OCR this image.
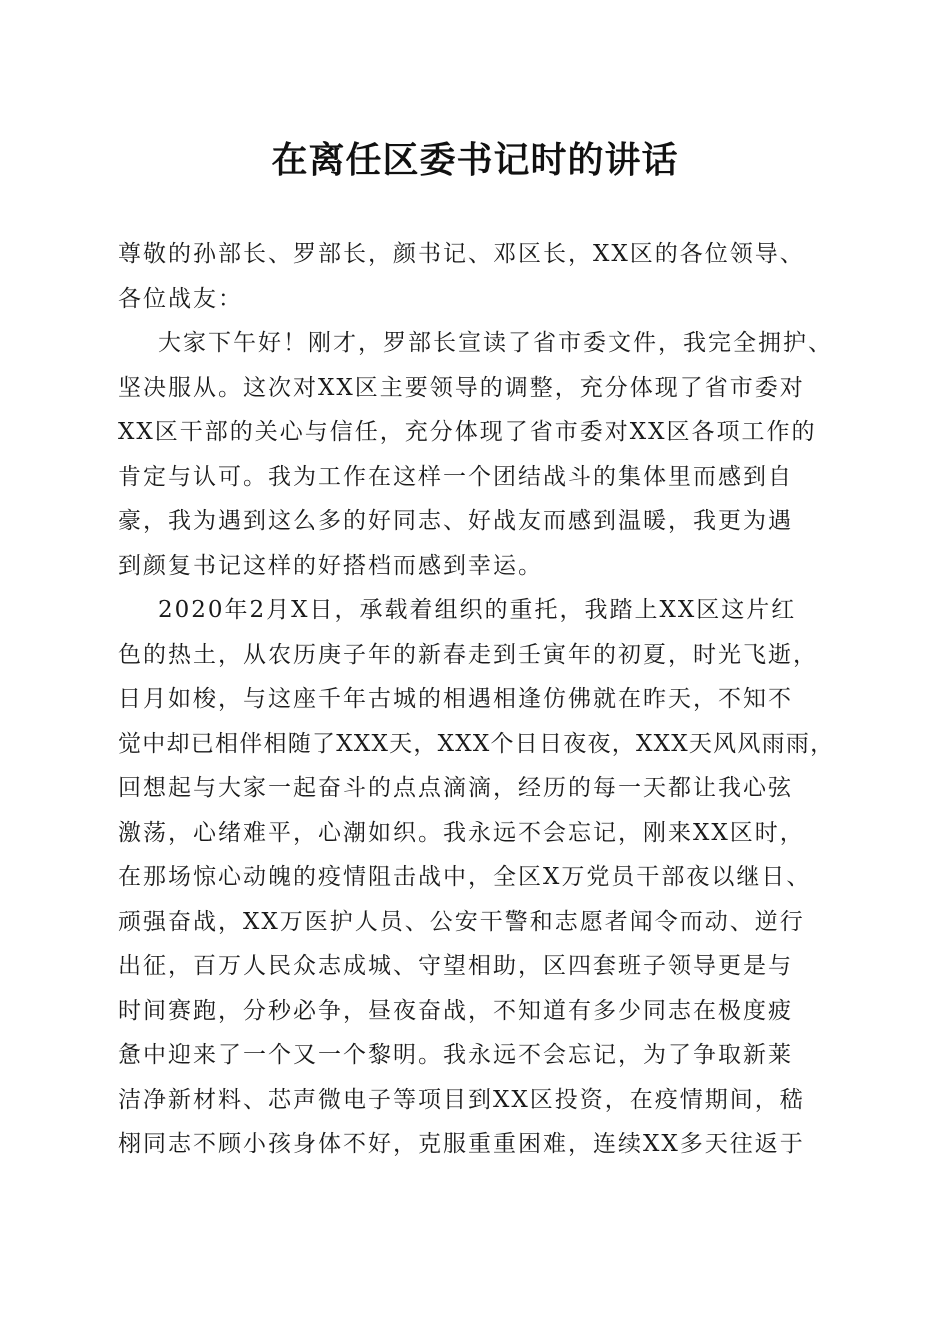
在离任区委书记时的讲话
尊敬的孙部长、罗部长，颜书记、邓区长，XX区的各位领导、
各位战友：
大家下午好！刚才，罗部长宣读了省市委文件，我完全拥护、
坚决服从。这次对XX区主要领导的调整，充分体现了省市委对
XX区干部的关心与信任，充分体现了省市委对XX区各项工作的
肯定与认可。我为工作在这样一个团结战斗的集体里而感到自
豪，我为遇到这么多的好同志、好战友而感到温暖，我更为遇
到颜复书记这样的好搭档而感到幸运。
2020年2月X日，承载着组织的重托，我踏上XX区这片红
色的热土，从农历庚子年的新春走到壬寅年的初夏，时光飞逝，
日月如梭，与这座千年古城的相遇相逢仿佛就在昨天，不知不
觉中却已相伴相随了XXX天，XXX个日日夜夜，XXX天风风雨雨，
回想起与大家一起奋斗的点点滴滴，经历的每一天都让我心弦
激荡，心绪难平，心潮如织。我永远不会忘记，刚来XX区时，
在那场惊心动魄的疫情阻击战中，全区X万党员干部夜以继日、
顽强奋战，XX万医护人员、公安干警和志愿者闻令而动、逆行
出征，百万人民众志成城、守望相助，区四套班子领导更是与
时间赛跑，分秒必争，昼夜奋战，不知道有多少同志在极度疲
惫中迎来了一个又一个黎明。我永远不会忘记，为了争取新莱
洁净新材料、芯声微电子等项目到XX区投资，在疫情期间，嵇
栩同志不顾小孩身体不好，克服重重困难，连续XX多天往返于
